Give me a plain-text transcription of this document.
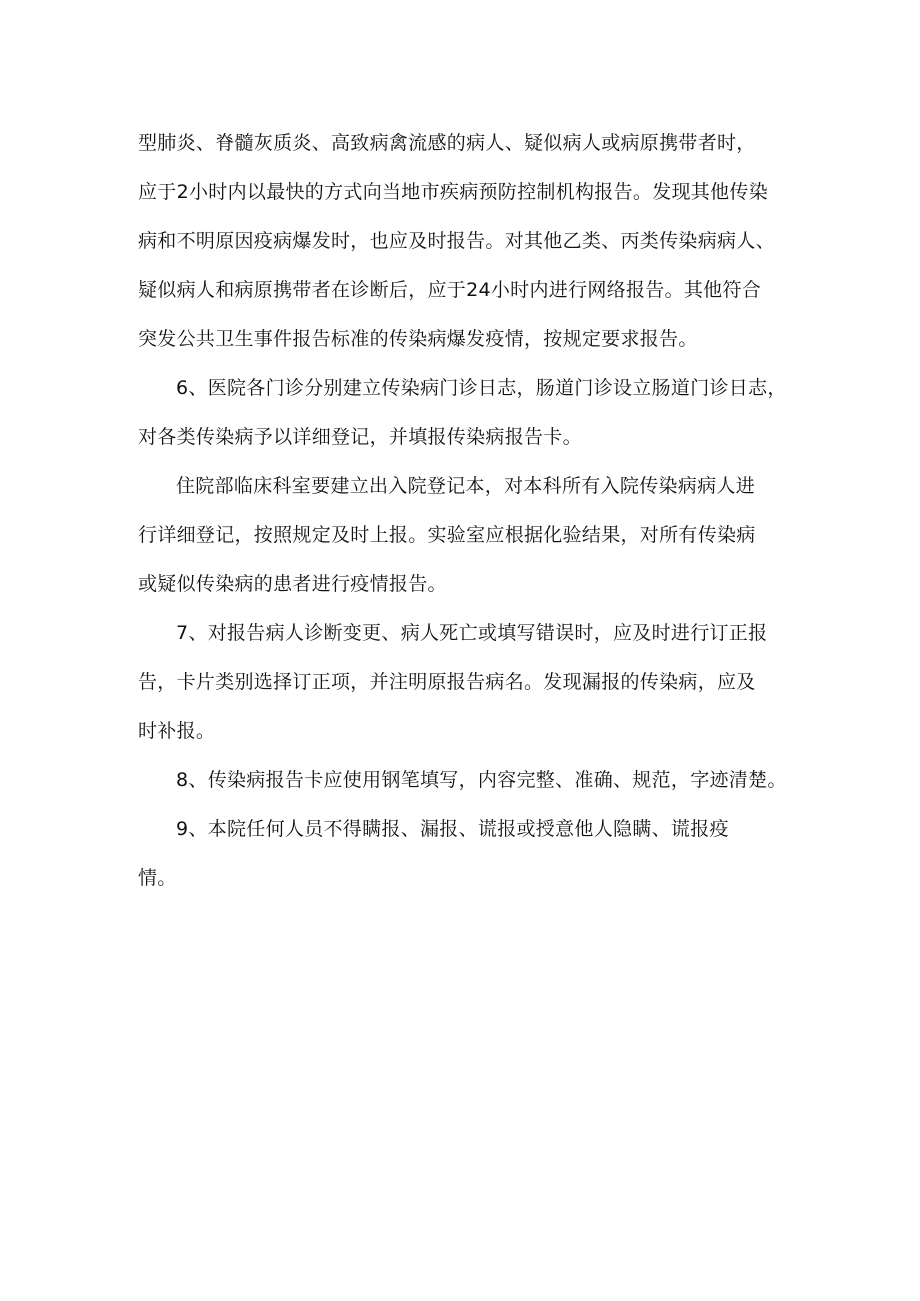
型肺炎、脊髓灰质炎、高致病禽流感的病人、疑似病人或病原携带者时，
应于2小时内以最快的方式向当地市疾病预防控制机构报告。发现其他传染
病和不明原因疫病爆发时，也应及时报告。对其他乙类、丙类传染病病人、
疑似病人和病原携带者在诊断后，应于24小时内进行网络报告。其他符合
突发公共卫生事件报告标准的传染病爆发疫情，按规定要求报告。
6、医院各门诊分别建立传染病门诊日志，肠道门诊设立肠道门诊日志，
对各类传染病予以详细登记，并填报传染病报告卡。
住院部临床科室要建立出入院登记本，对本科所有入院传染病病人进
行详细登记，按照规定及时上报。实验室应根据化验结果，对所有传染病
或疑似传染病的患者进行疫情报告。
7、对报告病人诊断变更、病人死亡或填写错误时，应及时进行订正报
告，卡片类别选择订正项，并注明原报告病名。发现漏报的传染病，应及
时补报。
8、传染病报告卡应使用钢笔填写，内容完整、准确、规范，字迹清楚。
9、本院任何人员不得瞒报、漏报、谎报或授意他人隐瞒、谎报疫
情。
